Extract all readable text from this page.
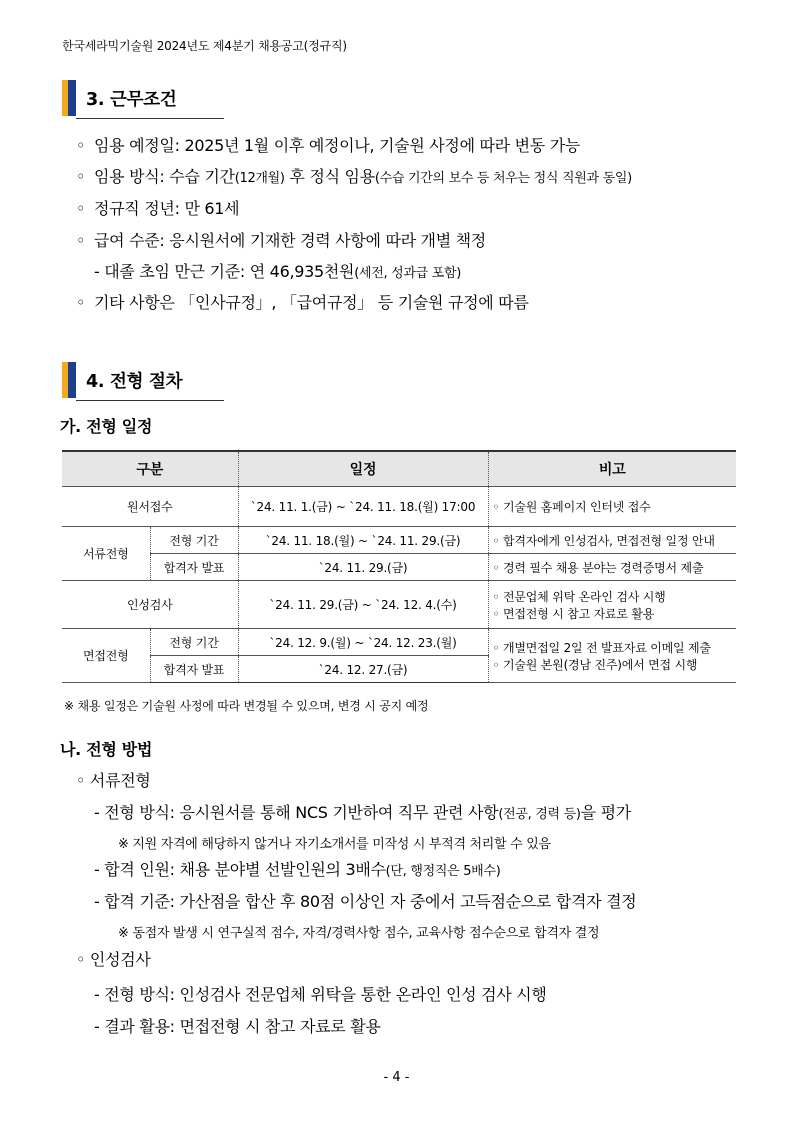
한국세라믹기술원 2024년도 제4분기 채용공고(정규직)
3. 근무조건
◦ 임용 예정일: 2025년 1월 이후 예정이나, 기술원 사정에 따라 변동 가능
◦ 임용 방식: 수습 기간(12개월) 후 정식 임용(수습 기간의 보수 등 처우는 정식 직원과 동일)
◦ 정규직 정년: 만 61세
◦ 급여 수준: 응시원서에 기재한 경력 사항에 따라 개별 책정
- 대졸 초임 만근 기준: 연 46,935천원(세전, 성과급 포함)
◦ 기타 사항은 「인사규정」, 「급여규정」 등 기술원 규정에 따름
4. 전형 절차
가. 전형 일정
구분		일정	비고
원서접수		`24. 11. 1.(금) ~ `24. 11. 18.(월) 17:00	◦ 기술원 홈페이지 인터넷 접수
서류전형	전형 기간	`24. 11. 18.(월) ~ `24. 11. 29.(금)	◦ 합격자에게 인성검사, 면접전형 일정 안내
	합격자 발표	`24. 11. 29.(금)	◦ 경력 필수 채용 분야는 경력증명서 제출
인성검사		`24. 11. 29.(금) ~ `24. 12. 4.(수)	◦ 전문업체 위탁 온라인 검사 시행
◦ 면접전형 시 참고 자료로 활용

면접전형	전형 기간	`24. 12. 9.(월) ~ `24. 12. 23.(월)	◦ 개별면접일 2일 전 발표자료 이메일 제출
◦ 기술원 본원(경남 진주)에서 면접 시행

	합격자 발표	`24. 12. 27.(금)	
※ 채용 일정은 기술원 사정에 따라 변경될 수 있으며, 변경 시 공지 예정
나. 전형 방법
◦ 서류전형
- 전형 방식: 응시원서를 통해 NCS 기반하여 직무 관련 사항(전공, 경력 등)을 평가
※ 지원 자격에 해당하지 않거나 자기소개서를 미작성 시 부적격 처리할 수 있음
- 합격 인원: 채용 분야별 선발인원의 3배수(단, 행정직은 5배수)
- 합격 기준: 가산점을 합산 후 80점 이상인 자 중에서 고득점순으로 합격자 결정
※ 동점자 발생 시 연구실적 점수, 자격/경력사항 점수, 교육사항 점수순으로 합격자 결정
◦ 인성검사
- 전형 방식: 인성검사 전문업체 위탁을 통한 온라인 인성 검사 시행
- 결과 활용: 면접전형 시 참고 자료로 활용
- 4 -
